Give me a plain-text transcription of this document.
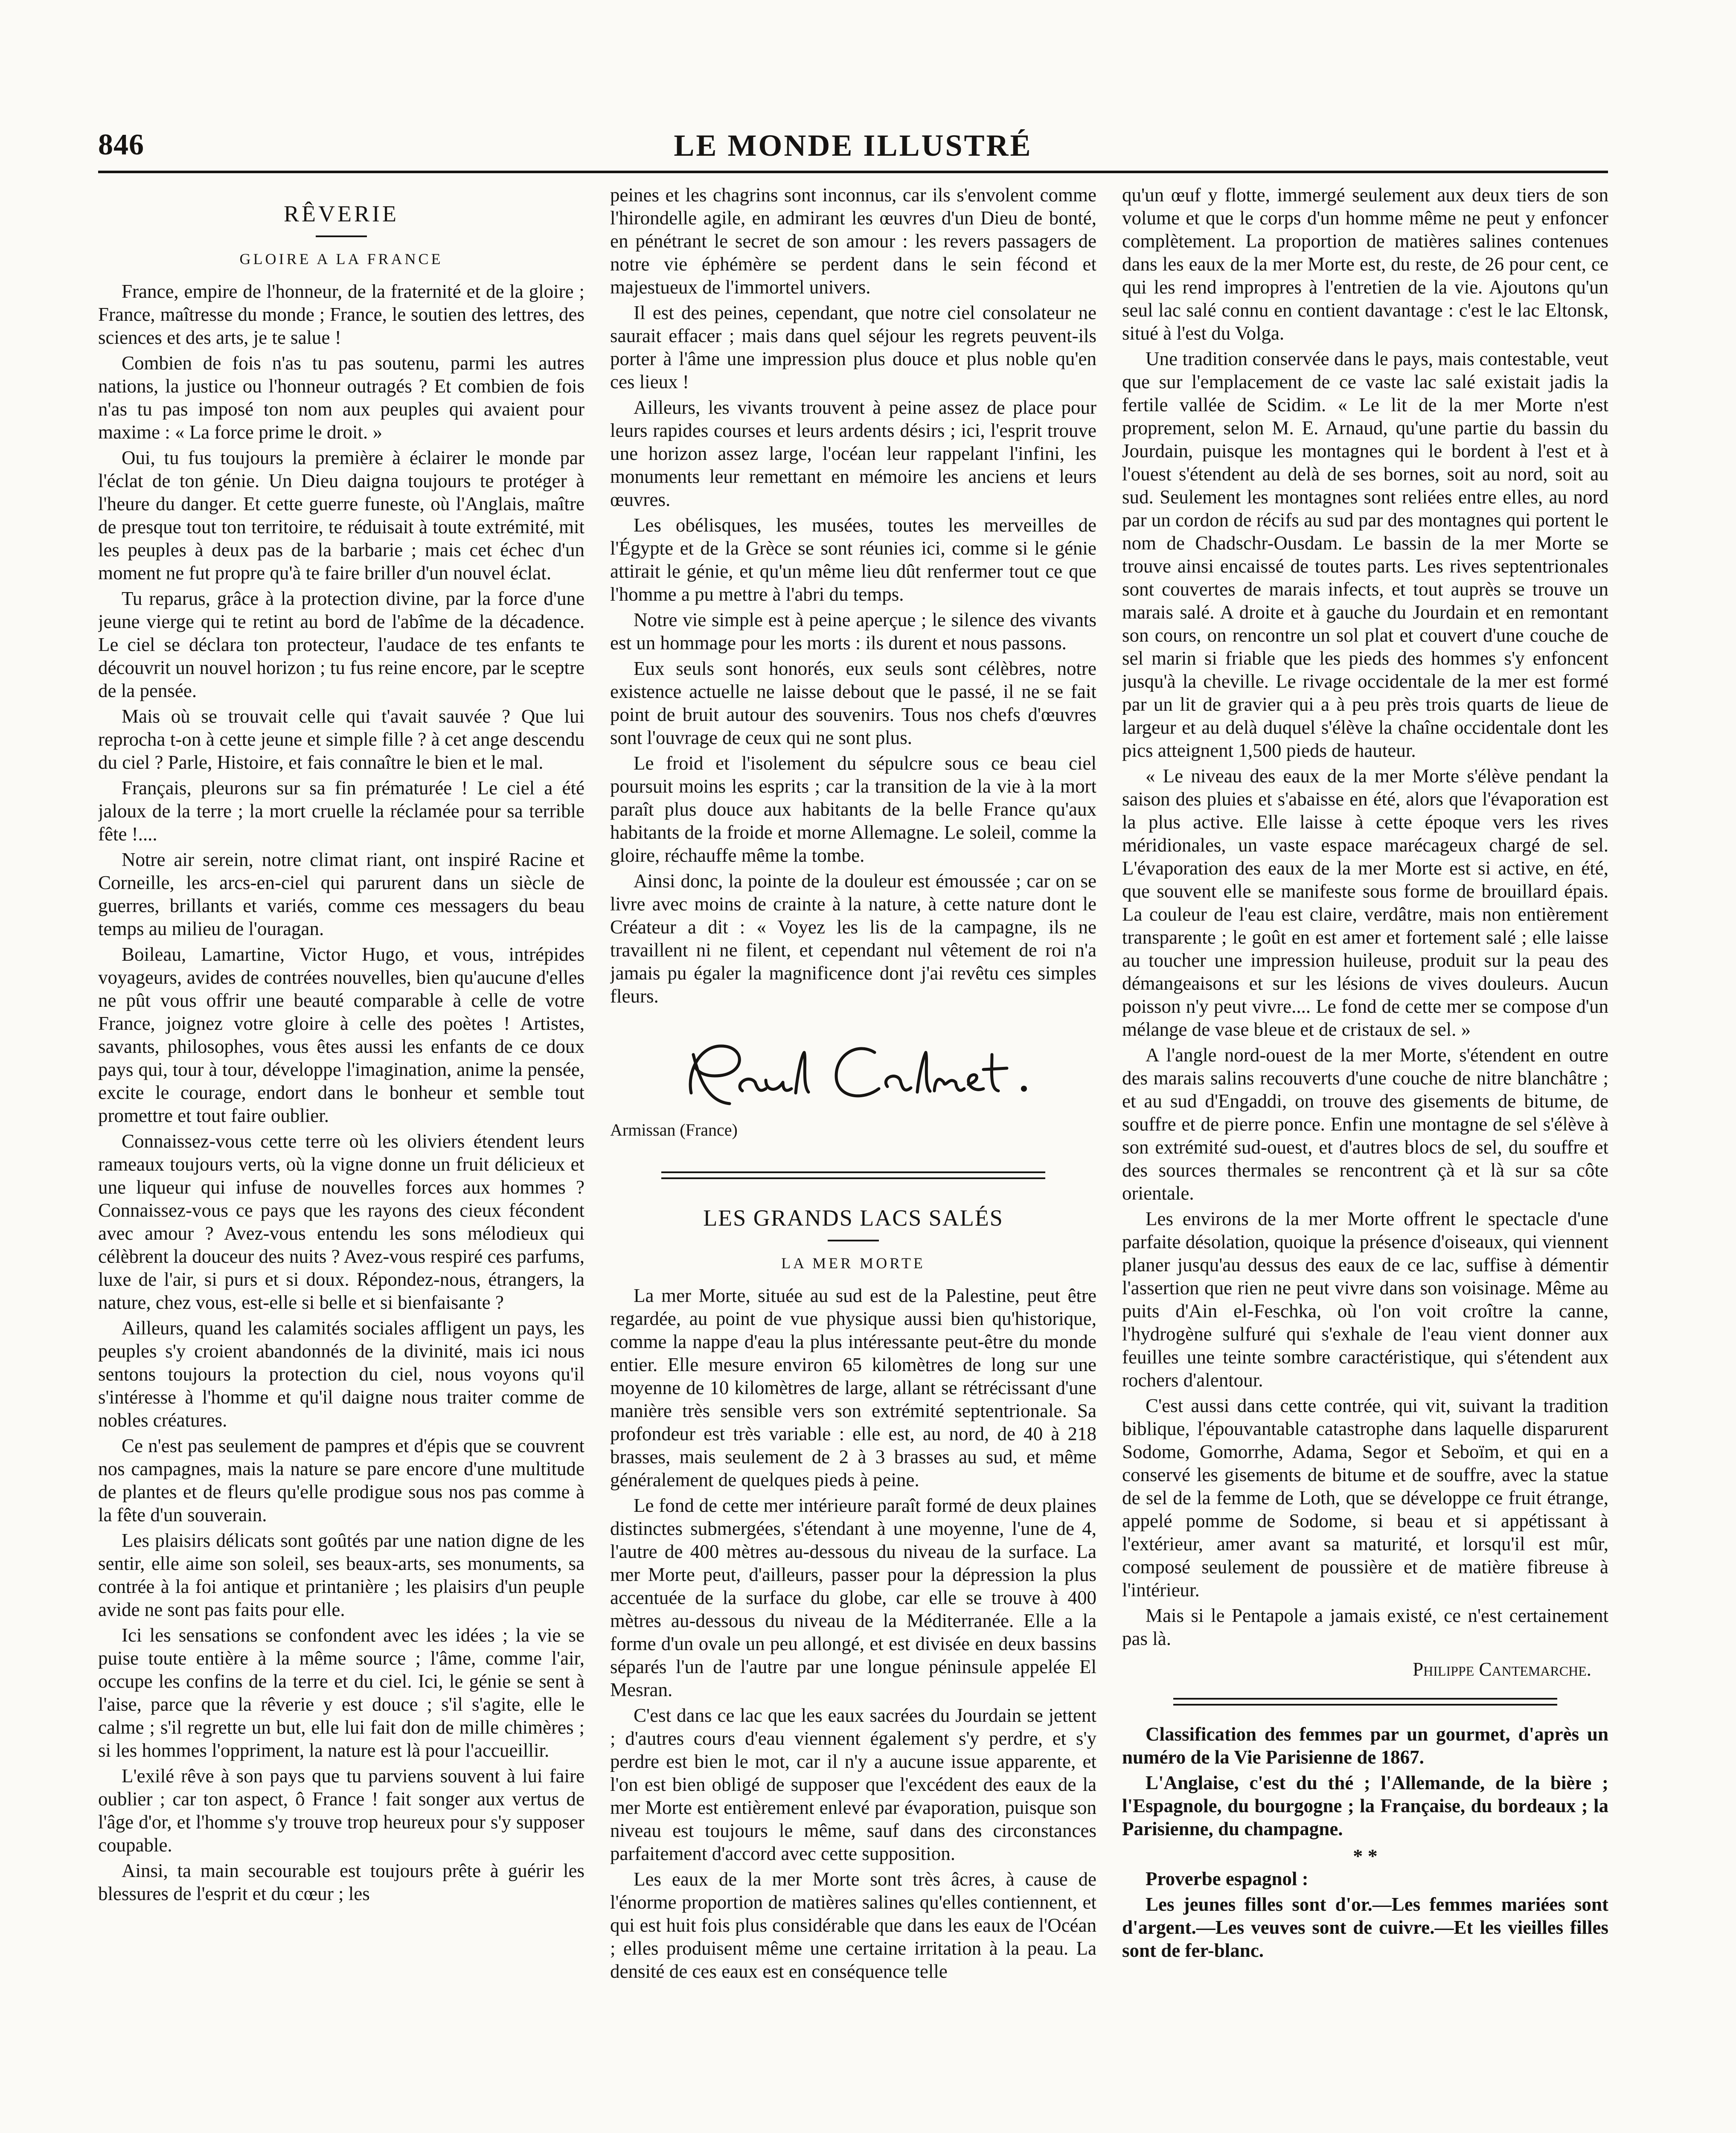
846	LE MONDE ILLUSTRÉ
RÊVERIE
GLOIRE A LA FRANCE

France, empire de l'honneur, de la fraternité et de la gloire ; France, maîtresse du monde ; France, le soutien des lettres, des sciences et des arts, je te salue !

Combien de fois n'as tu pas soutenu, parmi les autres nations, la justice ou l'honneur outragés ? Et combien de fois n'as tu pas imposé ton nom aux peuples qui avaient pour maxime : « La force prime le droit. »

Oui, tu fus toujours la première à éclairer le monde par l'éclat de ton génie. Un Dieu daigna toujours te protéger à l'heure du danger. Et cette guerre funeste, où l'Anglais, maître de presque tout ton territoire, te réduisait à toute extrémité, mit les peuples à deux pas de la barbarie ; mais cet échec d'un moment ne fut propre qu'à te faire briller d'un nouvel éclat.

Tu reparus, grâce à la protection divine, par la force d'une jeune vierge qui te retint au bord de l'abîme de la décadence. Le ciel se déclara ton protecteur, l'audace de tes enfants te découvrit un nouvel horizon ; tu fus reine encore, par le sceptre de la pensée.

Mais où se trouvait celle qui t'avait sauvée ? Que lui reprocha t-on à cette jeune et simple fille ? à cet ange descendu du ciel ? Parle, Histoire, et fais connaître le bien et le mal.

Français, pleurons sur sa fin prématurée ! Le ciel a été jaloux de la terre ; la mort cruelle la réclamée pour sa terrible fête !....

Notre air serein, notre climat riant, ont inspiré Racine et Corneille, les arcs-en-ciel qui parurent dans un siècle de guerres, brillants et variés, comme ces messagers du beau temps au milieu de l'ouragan.

Boileau, Lamartine, Victor Hugo, et vous, intrépides voyageurs, avides de contrées nouvelles, bien qu'aucune d'elles ne pût vous offrir une beauté comparable à celle de votre France, joignez votre gloire à celle des poètes ! Artistes, savants, philosophes, vous êtes aussi les enfants de ce doux pays qui, tour à tour, développe l'imagination, anime la pensée, excite le courage, endort dans le bonheur et semble tout promettre et tout faire oublier.

Connaissez-vous cette terre où les oliviers étendent leurs rameaux toujours verts, où la vigne donne un fruit délicieux et une liqueur qui infuse de nouvelles forces aux hommes ? Connaissez-vous ce pays que les rayons des cieux fécondent avec amour ? Avez-vous entendu les sons mélodieux qui célèbrent la douceur des nuits ? Avez-vous respiré ces parfums, luxe de l'air, si purs et si doux. Répondez-nous, étrangers, la nature, chez vous, est-elle si belle et si bienfaisante ?

Ailleurs, quand les calamités sociales affligent un pays, les peuples s'y croient abandonnés de la divinité, mais ici nous sentons toujours la protection du ciel, nous voyons qu'il s'intéresse à l'homme et qu'il daigne nous traiter comme de nobles créatures.

Ce n'est pas seulement de pampres et d'épis que se couvrent nos campagnes, mais la nature se pare encore d'une multitude de plantes et de fleurs qu'elle prodigue sous nos pas comme à la fête d'un souverain.

Les plaisirs délicats sont goûtés par une nation digne de les sentir, elle aime son soleil, ses beaux-arts, ses monuments, sa contrée à la foi antique et printanière ; les plaisirs d'un peuple avide ne sont pas faits pour elle.

Ici les sensations se confondent avec les idées ; la vie se puise toute entière à la même source ; l'âme, comme l'air, occupe les confins de la terre et du ciel. Ici, le génie se sent à l'aise, parce que la rêverie y est douce ; s'il s'agite, elle le calme ; s'il regrette un but, elle lui fait don de mille chimères ; si les hommes l'oppriment, la nature est là pour l'accueillir.

L'exilé rêve à son pays que tu parviens souvent à lui faire oublier ; car ton aspect, ô France ! fait songer aux vertus de l'âge d'or, et l'homme s'y trouve trop heureux pour s'y supposer coupable.

Ainsi, ta main secourable est toujours prête à guérir les blessures de l'esprit et du cœur ; les

peines et les chagrins sont inconnus, car ils s'envolent comme l'hirondelle agile, en admirant les œuvres d'un Dieu de bonté, en pénétrant le secret de son amour : les revers passagers de notre vie éphémère se perdent dans le sein fécond et majestueux de l'immortel univers.

Il est des peines, cependant, que notre ciel consolateur ne saurait effacer ; mais dans quel séjour les regrets peuvent-ils porter à l'âme une impression plus douce et plus noble qu'en ces lieux !

Ailleurs, les vivants trouvent à peine assez de place pour leurs rapides courses et leurs ardents désirs ; ici, l'esprit trouve une horizon assez large, l'océan leur rappelant l'infini, les monuments leur remettant en mémoire les anciens et leurs œuvres.

Les obélisques, les musées, toutes les merveilles de l'Égypte et de la Grèce se sont réunies ici, comme si le génie attirait le génie, et qu'un même lieu dût renfermer tout ce que l'homme a pu mettre à l'abri du temps.

Notre vie simple est à peine aperçue ; le silence des vivants est un hommage pour les morts : ils durent et nous passons.

Eux seuls sont honorés, eux seuls sont célèbres, notre existence actuelle ne laisse debout que le passé, il ne se fait point de bruit autour des souvenirs. Tous nos chefs d'œuvres sont l'ouvrage de ceux qui ne sont plus.

Le froid et l'isolement du sépulcre sous ce beau ciel poursuit moins les esprits ; car la transition de la vie à la mort paraît plus douce aux habitants de la belle France qu'aux habitants de la froide et morne Allemagne. Le soleil, comme la gloire, réchauffe même la tombe.

Ainsi donc, la pointe de la douleur est émoussée ; car on se livre avec moins de crainte à la nature, à cette nature dont le Créateur a dit : « Voyez les lis de la campagne, ils ne travaillent ni ne filent, et cependant nul vêtement de roi n'a jamais pu égaler la magnificence dont j'ai revêtu ces simples fleurs.

Armissan (France)

LES GRANDS LACS SALÉS
LA MER MORTE

La mer Morte, située au sud est de la Palestine, peut être regardée, au point de vue physique aussi bien qu'historique, comme la nappe d'eau la plus intéressante peut-être du monde entier. Elle mesure environ 65 kilomètres de long sur une moyenne de 10 kilomètres de large, allant se rétrécissant d'une manière très sensible vers son extrémité septentrionale. Sa profondeur est très variable : elle est, au nord, de 40 à 218 brasses, mais seulement de 2 à 3 brasses au sud, et même généralement de quelques pieds à peine.

Le fond de cette mer intérieure paraît formé de deux plaines distinctes submergées, s'étendant à une moyenne, l'une de 4, l'autre de 400 mètres au-dessous du niveau de la surface. La mer Morte peut, d'ailleurs, passer pour la dépression la plus accentuée de la surface du globe, car elle se trouve à 400 mètres au-dessous du niveau de la Méditerranée. Elle a la forme d'un ovale un peu allongé, et est divisée en deux bassins séparés l'un de l'autre par une longue péninsule appelée El Mesran.

C'est dans ce lac que les eaux sacrées du Jourdain se jettent ; d'autres cours d'eau viennent également s'y perdre, et s'y perdre est bien le mot, car il n'y a aucune issue apparente, et l'on est bien obligé de supposer que l'excédent des eaux de la mer Morte est entièrement enlevé par évaporation, puisque son niveau est toujours le même, sauf dans des circonstances parfaitement d'accord avec cette supposition.

Les eaux de la mer Morte sont très âcres, à cause de l'énorme proportion de matières salines qu'elles contiennent, et qui est huit fois plus considérable que dans les eaux de l'Océan ; elles produisent même une certaine irritation à la peau. La densité de ces eaux est en conséquence telle

qu'un œuf y flotte, immergé seulement aux deux tiers de son volume et que le corps d'un homme même ne peut y enfoncer complètement. La proportion de matières salines contenues dans les eaux de la mer Morte est, du reste, de 26 pour cent, ce qui les rend impropres à l'entretien de la vie. Ajoutons qu'un seul lac salé connu en contient davantage : c'est le lac Eltonsk, situé à l'est du Volga.

Une tradition conservée dans le pays, mais contestable, veut que sur l'emplacement de ce vaste lac salé existait jadis la fertile vallée de Scidim. « Le lit de la mer Morte n'est proprement, selon M. E. Arnaud, qu'une partie du bassin du Jourdain, puisque les montagnes qui le bordent à l'est et à l'ouest s'étendent au delà de ses bornes, soit au nord, soit au sud. Seulement les montagnes sont reliées entre elles, au nord par un cordon de récifs au sud par des montagnes qui portent le nom de Chadschr-Ousdam. Le bassin de la mer Morte se trouve ainsi encaissé de toutes parts. Les rives septentrionales sont couvertes de marais infects, et tout auprès se trouve un marais salé. A droite et à gauche du Jourdain et en remontant son cours, on rencontre un sol plat et couvert d'une couche de sel marin si friable que les pieds des hommes s'y enfoncent jusqu'à la cheville. Le rivage occidentale de la mer est formé par un lit de gravier qui a à peu près trois quarts de lieue de largeur et au delà duquel s'élève la chaîne occidentale dont les pics atteignent 1,500 pieds de hauteur.

« Le niveau des eaux de la mer Morte s'élève pendant la saison des pluies et s'abaisse en été, alors que l'évaporation est la plus active. Elle laisse à cette époque vers les rives méridionales, un vaste espace marécageux chargé de sel. L'évaporation des eaux de la mer Morte est si active, en été, que souvent elle se manifeste sous forme de brouillard épais. La couleur de l'eau est claire, verdâtre, mais non entièrement transparente ; le goût en est amer et fortement salé ; elle laisse au toucher une impression huileuse, produit sur la peau des démangeaisons et sur les lésions de vives douleurs. Aucun poisson n'y peut vivre.... Le fond de cette mer se compose d'un mélange de vase bleue et de cristaux de sel. »

A l'angle nord-ouest de la mer Morte, s'étendent en outre des marais salins recouverts d'une couche de nitre blanchâtre ; et au sud d'Engaddi, on trouve des gisements de bitume, de souffre et de pierre ponce. Enfin une montagne de sel s'élève à son extrémité sud-ouest, et d'autres blocs de sel, du souffre et des sources thermales se rencontrent çà et là sur sa côte orientale.

Les environs de la mer Morte offrent le spectacle d'une parfaite désolation, quoique la présence d'oiseaux, qui viennent planer jusqu'au dessus des eaux de ce lac, suffise à démentir l'assertion que rien ne peut vivre dans son voisinage. Même au puits d'Ain el-Feschka, où l'on voit croître la canne, l'hydrogène sulfuré qui s'exhale de l'eau vient donner aux feuilles une teinte sombre caractéristique, qui s'étendent aux rochers d'alentour.

C'est aussi dans cette contrée, qui vit, suivant la tradition biblique, l'épouvantable catastrophe dans laquelle disparurent Sodome, Gomorrhe, Adama, Segor et Seboïm, et qui en a conservé les gisements de bitume et de souffre, avec la statue de sel de la femme de Loth, que se développe ce fruit étrange, appelé pomme de Sodome, si beau et si appétissant à l'extérieur, amer avant sa maturité, et lorsqu'il est mûr, composé seulement de poussière et de matière fibreuse à l'intérieur.

Mais si le Pentapole a jamais existé, ce n'est certainement pas là.

Philippe Cantemarche.

Classification des femmes par un gourmet, d'après un numéro de la Vie Parisienne de 1867.

L'Anglaise, c'est du thé ; l'Allemande, de la bière ; l'Espagnole, du bourgogne ; la Française, du bordeaux ; la Parisienne, du champagne.

* *

Proverbe espagnol :

Les jeunes filles sont d'or.—Les femmes mariées sont d'argent.—Les veuves sont de cuivre.—Et les vieilles filles sont de fer-blanc.
